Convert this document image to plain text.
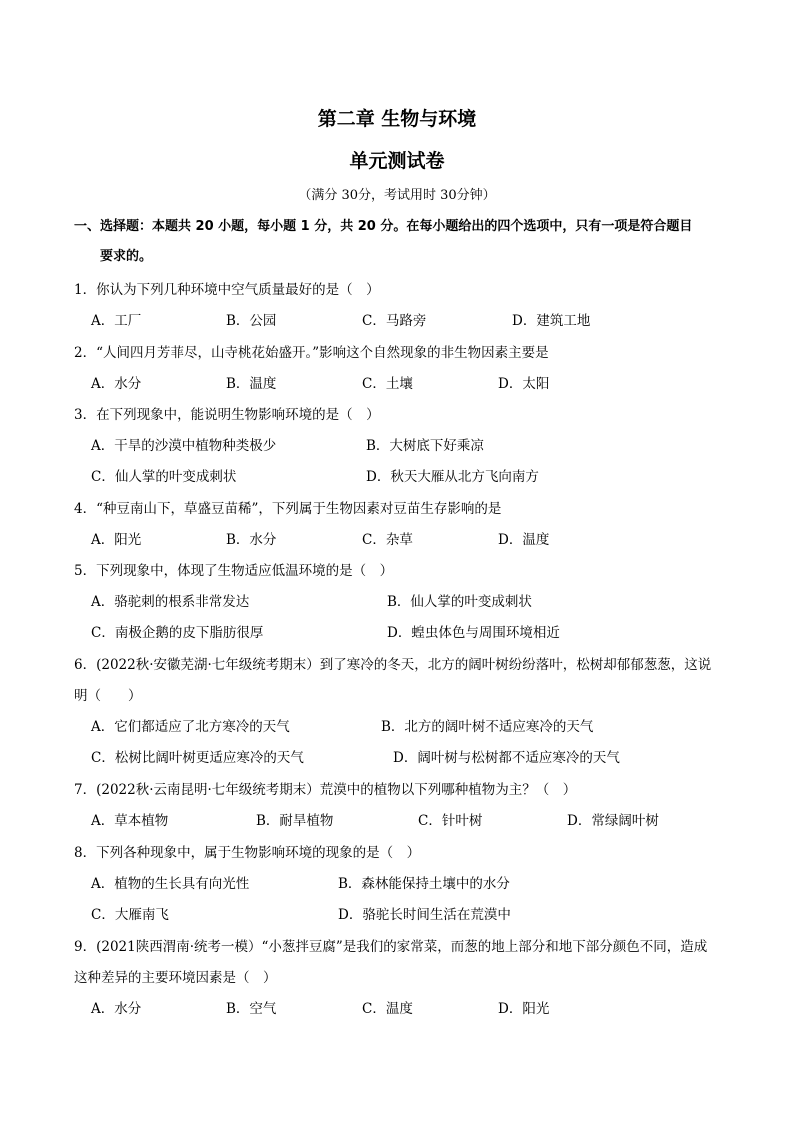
第二章 生物与环境
单元测试卷
（满分 30分，考试用时 30分钟）
一、选择题：本题共 20 小题，每小题 1 分，共 20 分。在每小题给出的四个选项中，只有一项是符合题目
要求的。
1．你认为下列几种环境中空气质量最好的是（　）
A．工厂	B．公园	C．马路旁	D．建筑工地
2．“人间四月芳菲尽，山寺桃花始盛开。”影响这个自然现象的非生物因素主要是
A．水分	B．温度	C．土壤	D．太阳
3．在下列现象中，能说明生物影响环境的是（　）
A．干旱的沙漠中植物种类极少	B．大树底下好乘凉
C．仙人掌的叶变成刺状	D．秋天大雁从北方飞向南方
4．“种豆南山下，草盛豆苗稀”，下列属于生物因素对豆苗生存影响的是
A．阳光	B．水分	C．杂草	D．温度
5．下列现象中，体现了生物适应低温环境的是（　）
A．骆驼刺的根系非常发达	B．仙人掌的叶变成刺状
C．南极企鹅的皮下脂肪很厚	D．蝗虫体色与周围环境相近
6．(2022秋·安徽芜湖·七年级统考期末）到了寒冷的冬天，北方的阔叶树纷纷落叶，松树却郁郁葱葱，这说
明（　　）
A．它们都适应了北方寒冷的天气	B．北方的阔叶树不适应寒冷的天气
C．松树比阔叶树更适应寒冷的天气	D．阔叶树与松树都不适应寒冷的天气
7．(2022秋·云南昆明·七年级统考期末）荒漠中的植物以下列哪种植物为主？（　）
A．草本植物	B．耐旱植物	C．针叶树	D．常绿阔叶树
8．下列各种现象中，属于生物影响环境的现象的是（　）
A．植物的生长具有向光性	B．森林能保持土壤中的水分
C．大雁南飞	D．骆驼长时间生活在荒漠中
9．(2021陕西渭南·统考一模）“小葱拌豆腐”是我们的家常菜，而葱的地上部分和地下部分颜色不同，造成
这种差异的主要环境因素是（　）
A．水分	B．空气	C．温度	D．阳光
